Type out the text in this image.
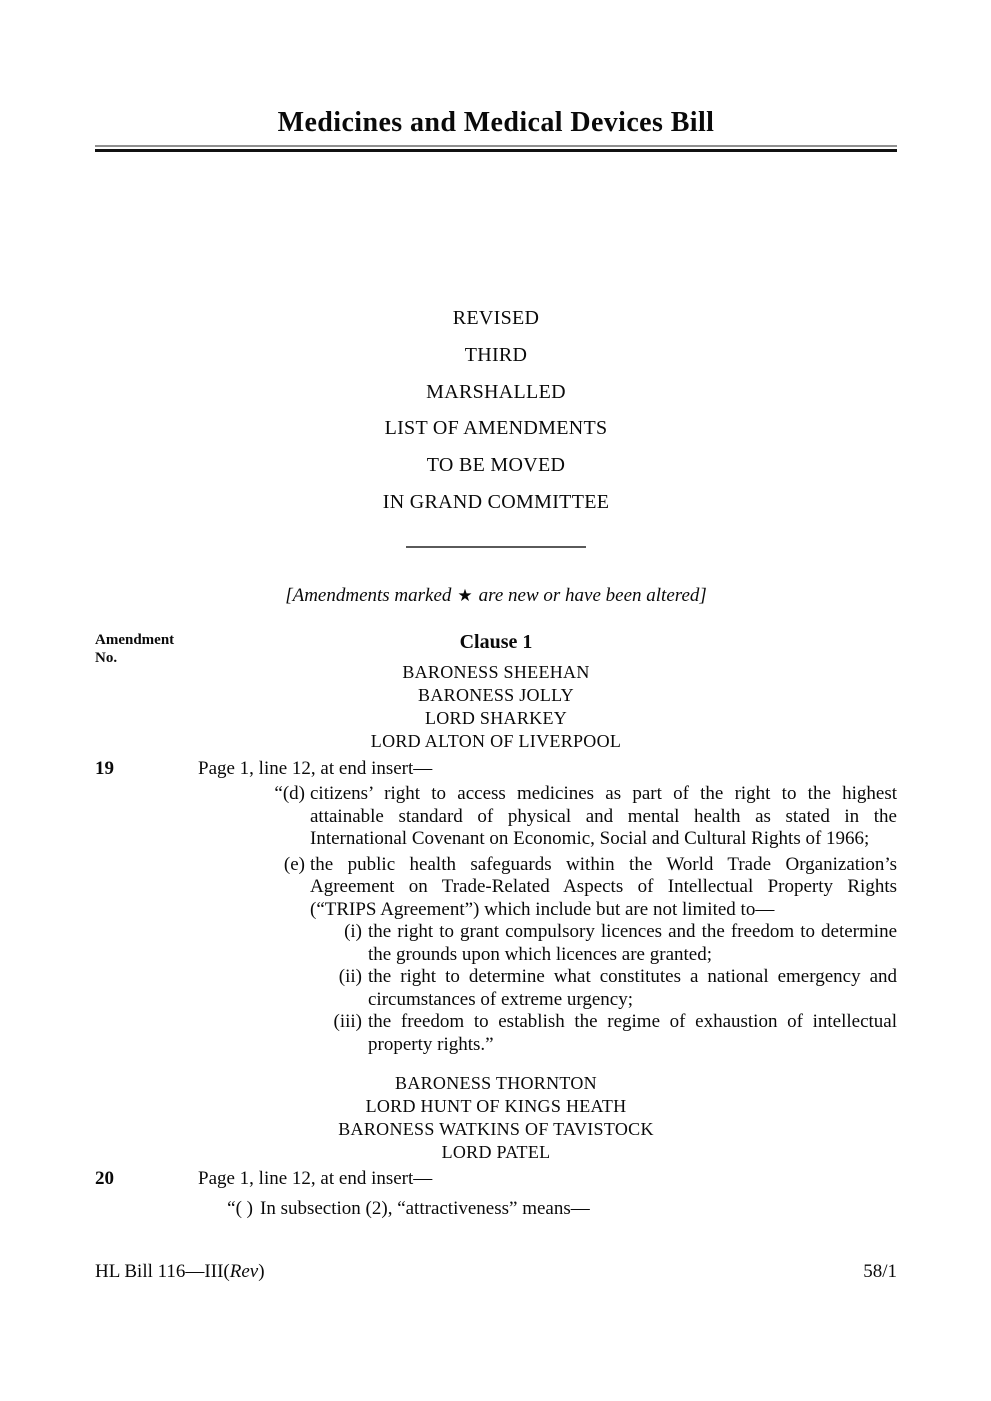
Medicines and Medical Devices Bill
REVISED
THIRD
MARSHALLED
LIST OF AMENDMENTS
TO BE MOVED
IN GRAND COMMITTEE
[Amendments marked ★ are new or have been altered]
Amendment
No.
Clause 1
BARONESS SHEEHAN
BARONESS JOLLY
LORD SHARKEY
LORD ALTON OF LIVERPOOL
19	Page 1, line 12, at end insert—
“(d) citizens’ right to access medicines as part of the right to the highest attainable standard of physical and mental health as stated in the International Covenant on Economic, Social and Cultural Rights of 1966;
(e) the public health safeguards within the World Trade Organization’s Agreement on Trade-Related Aspects of Intellectual Property Rights (“TRIPS Agreement”) which include but are not limited to—
(i) the right to grant compulsory licences and the freedom to determine the grounds upon which licences are granted;
(ii) the right to determine what constitutes a national emergency and circumstances of extreme urgency;
(iii) the freedom to establish the regime of exhaustion of intellectual property rights.”
BARONESS THORNTON
LORD HUNT OF KINGS HEATH
BARONESS WATKINS OF TAVISTOCK
LORD PATEL
20	Page 1, line 12, at end insert—
“( ) In subsection (2), “attractiveness” means—
HL Bill 116—III(Rev)	58/1
